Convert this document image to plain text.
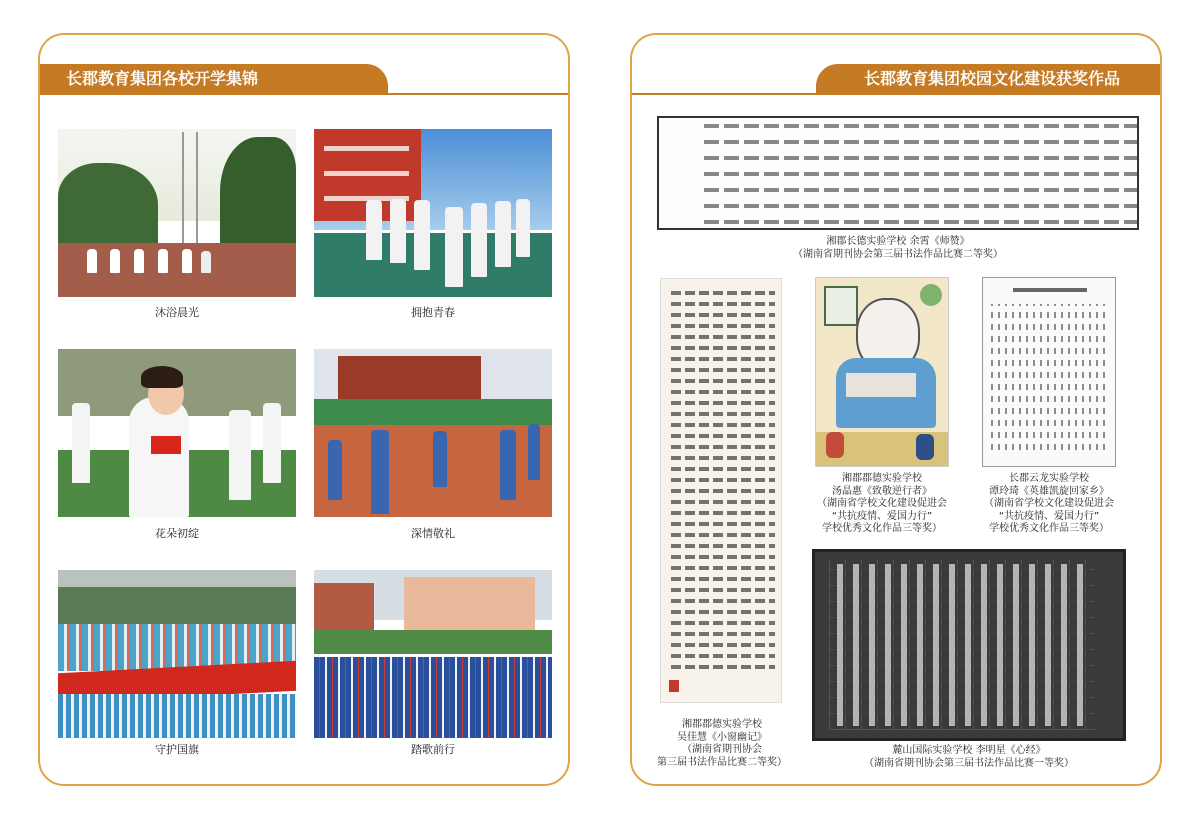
长郡教育集团各校开学集锦
沐浴晨光	拥抱青春
花朵初绽	深情敬礼
守护国旗	踏歌前行
长郡教育集团校园文化建设获奖作品
湘郡长德实验学校 余霄《师赞》
（湖南省期刊协会第三届书法作品比赛二等奖）
湘郡郡德实验学校
吴佳慧《小窗幽记》
（湖南省期刊协会
第三届书法作品比赛二等奖）
湘郡郡德实验学校
汤晶惠《致敬逆行者》
（湖南省学校文化建设促进会
“共抗疫情、爱国力行”
学校优秀文化作品三等奖）
长郡云龙实验学校
谭玲琦《英雄凯旋回家乡》
（湖南省学校文化建设促进会
“共抗疫情、爱国力行”
学校优秀文化作品三等奖）
麓山国际实验学校 李明星《心经》
（湖南省期刊协会第三届书法作品比赛一等奖）
